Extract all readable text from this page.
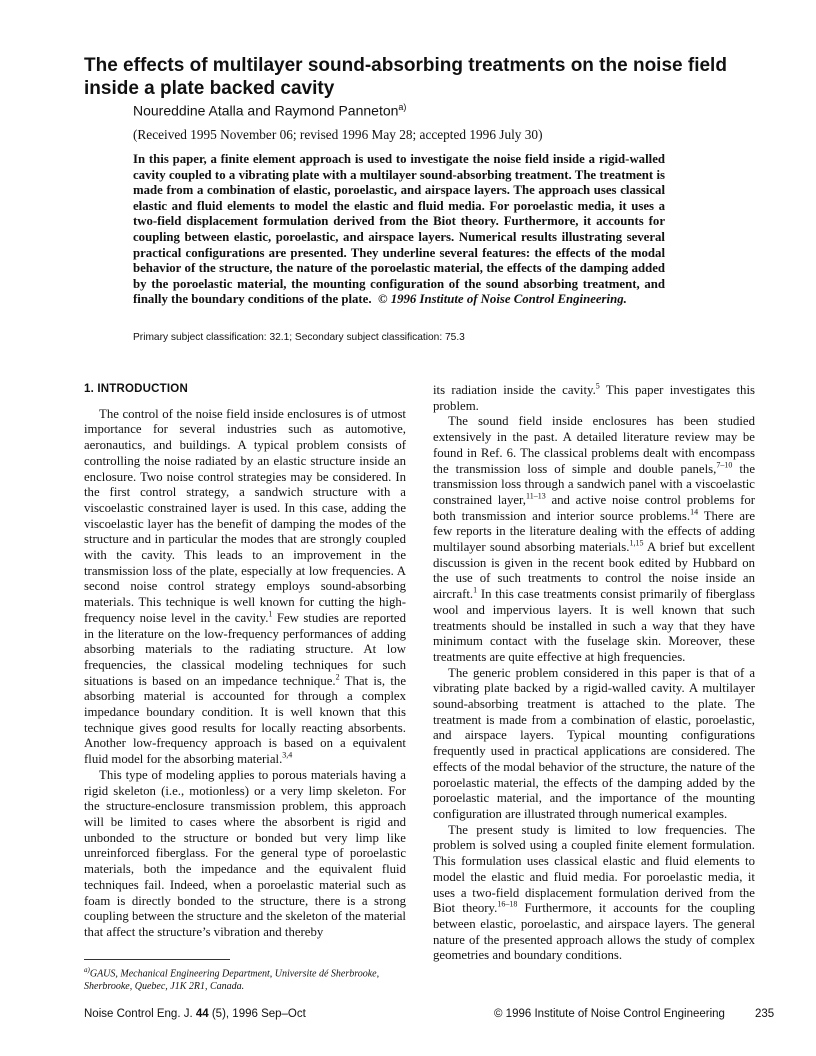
The effects of multilayer sound-absorbing treatments on the noise field inside a plate backed cavity
Noureddine Atalla and Raymond Panneton$^{a)}$
(Received 1995 November 06; revised 1996 May 28; accepted 1996 July 30)

In this paper, a finite element approach is used to investigate the noise field inside a rigid-walled cavity coupled to a vibrating plate with a multilayer sound-absorbing treatment. The treatment is made from a combination of elastic, poroelastic, and airspace layers. The approach uses classical elastic and fluid elements to model the elastic and fluid media. For poroelastic media, it uses a two-field displacement formulation derived from the Biot theory. Furthermore, it accounts for coupling between elastic, poroelastic, and airspace layers. Numerical results illustrating several practical configurations are presented. They underline several features: the effects of the modal behavior of the structure, the nature of the poroelastic material, the effects of the damping added by the poroelastic material, the mounting configuration of the sound absorbing treatment, and finally the boundary conditions of the plate. © 1996 Institute of Noise Control Engineering.

Primary subject classification: 32.1; Secondary subject classification: 75.3

1. INTRODUCTION

The control of the noise field inside enclosures is of utmost importance for several industries such as automotive, aeronautics, and buildings. A typical problem consists of controlling the noise radiated by an elastic structure inside an enclosure. Two noise control strategies may be considered. In the first control strategy, a sandwich structure with a viscoelastic constrained layer is used. In this case, adding the viscoelastic layer has the benefit of damping the modes of the structure and in particular the modes that are strongly coupled with the cavity. This leads to an improvement in the transmission loss of the plate, especially at low frequencies. A second noise control strategy employs sound-absorbing materials. This technique is well known for cutting the high-frequency noise level in the cavity.$^1$ Few studies are reported in the literature on the low-frequency performances of adding absorbing materials to the radiating structure. At low frequencies, the classical modeling techniques for such situations is based on an impedance technique.$^2$ That is, the absorbing material is accounted for through a complex impedance boundary condition. It is well known that this technique gives good results for locally reacting absorbents. Another low-frequency approach is based on a equivalent fluid model for the absorbing material.$^{3,4}$

This type of modeling applies to porous materials having a rigid skeleton (i.e., motionless) or a very limp skeleton. For the structure-enclosure transmission problem, this approach will be limited to cases where the absorbent is rigid and unbonded to the structure or bonded but very limp like unreinforced fiberglass. For the general type of poroelastic materials, both the impedance and the equivalent fluid techniques fail. Indeed, when a poroelastic material such as foam is directly bonded to the structure, there is a strong coupling between the structure and the skeleton of the material that affect the structure’s vibration and thereby

its radiation inside the cavity.$^5$ This paper investigates this problem.

The sound field inside enclosures has been studied extensively in the past. A detailed literature review may be found in Ref. 6. The classical problems dealt with encompass the transmission loss of simple and double panels,$^{7-10}$ the transmission loss through a sandwich panel with a viscoelastic constrained layer,$^{11-13}$ and active noise control problems for both transmission and interior source problems.$^{14}$ There are few reports in the literature dealing with the effects of adding multilayer sound absorbing materials.$^{1,15}$ A brief but excellent discussion is given in the recent book edited by Hubbard on the use of such treatments to control the noise inside an aircraft.$^1$ In this case treatments consist primarily of fiberglass wool and impervious layers. It is well known that such treatments should be installed in such a way that they have minimum contact with the fuselage skin. Moreover, these treatments are quite effective at high frequencies.

The generic problem considered in this paper is that of a vibrating plate backed by a rigid-walled cavity. A multilayer sound-absorbing treatment is attached to the plate. The treatment is made from a combination of elastic, poroelastic, and airspace layers. Typical mounting configurations frequently used in practical applications are considered. The effects of the modal behavior of the structure, the nature of the poroelastic material, the effects of the damping added by the poroelastic material, and the importance of the mounting configuration are illustrated through numerical examples.

The present study is limited to low frequencies. The problem is solved using a coupled finite element formulation. This formulation uses classical elastic and fluid elements to model the elastic and fluid media. For poroelastic media, it uses a two-field displacement formulation derived from the Biot theory.$^{16-18}$ Furthermore, it accounts for the coupling between elastic, poroelastic, and airspace layers. The general nature of the presented approach allows the study of complex geometries and boundary conditions.

$^{a)}$GAUS, Mechanical Engineering Department, Universite dé Sherbrooke, Sherbrooke, Quebec, J1K 2R1, Canada.
Noise Control Eng. J. 44 (5), 1996 Sep–Oct	© 1996 Institute of Noise Control Engineering	235
